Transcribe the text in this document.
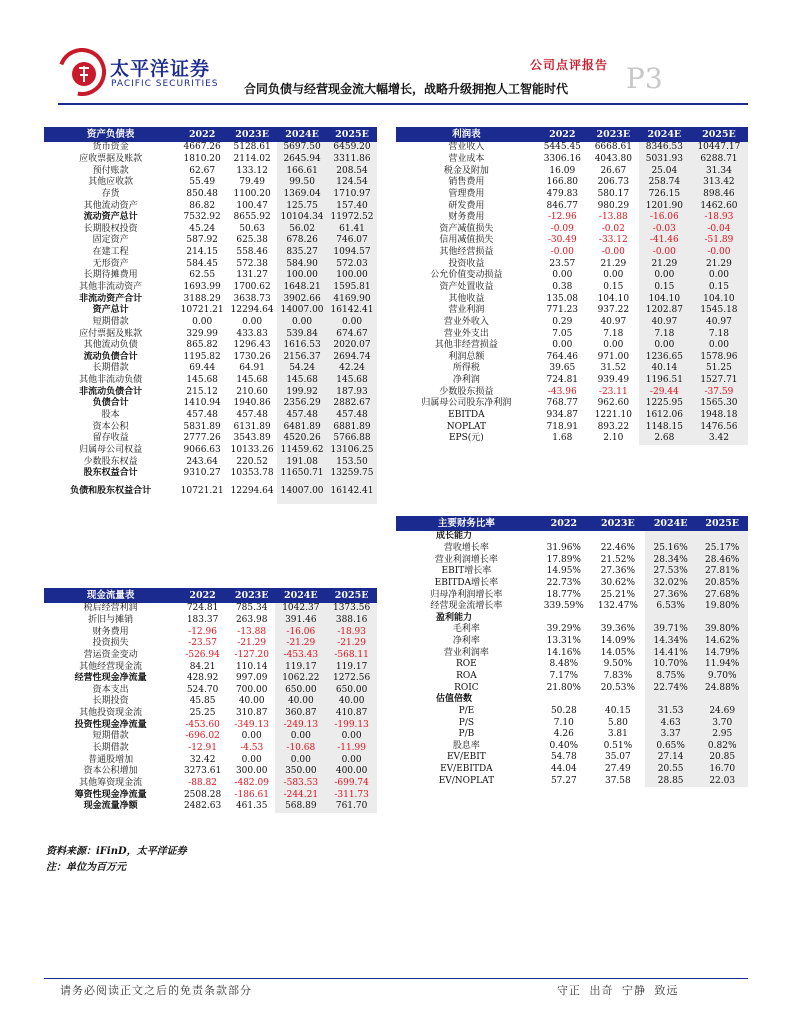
太平洋证券
PACIFIC SECURITIES
公司点评报告 P3
合同负债与经营现金流大幅增长，战略升级拥抱人工智能时代
资产负债表	2022	2023E	2024E	2025E
货币资金	4667.26	5128.61	5697.50	6459.20
应收票据及账款	1810.20	2114.02	2645.94	3311.86
预付账款	62.67	133.12	166.61	208.54
其他应收款	55.49	79.49	99.50	124.54
存货	850.48	1100.20	1369.04	1710.97
其他流动资产	86.82	100.47	125.75	157.40
流动资产总计	7532.92	8655.92	10104.34	11972.52
长期股权投资	45.24	50.63	56.02	61.41
固定资产	587.92	625.38	678.26	746.07
在建工程	214.15	558.46	835.27	1094.57
无形资产	584.45	572.38	584.90	572.03
长期待摊费用	62.55	131.27	100.00	100.00
其他非流动资产	1693.99	1700.62	1648.21	1595.81
非流动资产合计	3188.29	3638.73	3902.66	4169.90
资产总计	10721.21	12294.64	14007.00	16142.41
短期借款	0.00	0.00	0.00	0.00
应付票据及账款	329.99	433.83	539.84	674.67
其他流动负债	865.82	1296.43	1616.53	2020.07
流动负债合计	1195.82	1730.26	2156.37	2694.74
长期借款	69.44	64.91	54.24	42.24
其他非流动负债	145.68	145.68	145.68	145.68
非流动负债合计	215.12	210.60	199.92	187.93
负债合计	1410.94	1940.86	2356.29	2882.67
股本	457.48	457.48	457.48	457.48
资本公积	5831.89	6131.89	6481.89	6881.89
留存收益	2777.26	3543.89	4520.26	5766.88
归属母公司权益	9066.63	10133.26	11459.62	13106.25
少数股东权益	243.64	220.52	191.08	153.50
股东权益合计	9310.27	10353.78	11650.71	13259.75
负债和股东权益合计	10721.21	12294.64	14007.00	16142.41
利润表	2022	2023E	2024E	2025E
营业收入	5445.45	6668.61	8346.53	10447.17
营业成本	3306.16	4043.80	5031.93	6288.71
税金及附加	16.09	26.67	25.04	31.34
销售费用	166.80	206.73	258.74	313.42
管理费用	479.83	580.17	726.15	898.46
研发费用	846.77	980.29	1201.90	1462.60
财务费用	-12.96	-13.88	-16.06	-18.93
资产减值损失	-0.09	-0.02	-0.03	-0.04
信用减值损失	-30.49	-33.12	-41.46	-51.89
其他经营损益	-0.00	-0.00	-0.00	-0.00
投资收益	23.57	21.29	21.29	21.29
公允价值变动损益	0.00	0.00	0.00	0.00
资产处置收益	0.38	0.15	0.15	0.15
其他收益	135.08	104.10	104.10	104.10
营业利润	771.23	937.22	1202.87	1545.18
营业外收入	0.29	40.97	40.97	40.97
营业外支出	7.05	7.18	7.18	7.18
其他非经营损益	0.00	0.00	0.00	0.00
利润总额	764.46	971.00	1236.65	1578.96
所得税	39.65	31.52	40.14	51.25
净利润	724.81	939.49	1196.51	1527.71
少数股东损益	-43.96	-23.11	-29.44	-37.59
归属母公司股东净利润	768.77	962.60	1225.95	1565.30
EBITDA	934.87	1221.10	1612.06	1948.18
NOPLAT	718.91	893.22	1148.15	1476.56
EPS(元)	1.68	2.10	2.68	3.42
主要财务比率	2022	2023E	2024E	2025E
成长能力				
营收增长率	31.96%	22.46%	25.16%	25.17%
营业利润增长率	17.89%	21.52%	28.34%	28.46%
EBIT增长率	14.95%	27.36%	27.53%	27.81%
EBITDA增长率	22.73%	30.62%	32.02%	20.85%
归母净利润增长率	18.77%	25.21%	27.36%	27.68%
经营现金流增长率	339.59%	132.47%	6.53%	19.80%
盈利能力				
毛利率	39.29%	39.36%	39.71%	39.80%
净利率	13.31%	14.09%	14.34%	14.62%
营业利润率	14.16%	14.05%	14.41%	14.79%
ROE	8.48%	9.50%	10.70%	11.94%
ROA	7.17%	7.83%	8.75%	9.70%
ROIC	21.80%	20.53%	22.74%	24.88%
估值倍数				
P/E	50.28	40.15	31.53	24.69
P/S	7.10	5.80	4.63	3.70
P/B	4.26	3.81	3.37	2.95
股息率	0.40%	0.51%	0.65%	0.82%
EV/EBIT	54.78	35.07	27.14	20.85
EV/EBITDA	44.04	27.49	20.55	16.70
EV/NOPLAT	57.27	37.58	28.85	22.03
现金流量表	2022	2023E	2024E	2025E
税后经营利润	724.81	785.34	1042.37	1373.56
折旧与摊销	183.37	263.98	391.46	388.16
财务费用	-12.96	-13.88	-16.06	-18.93
投资损失	-23.57	-21.29	-21.29	-21.29
营运资金变动	-526.94	-127.20	-453.43	-568.11
其他经营现金流	84.21	110.14	119.17	119.17
经营性现金净流量	428.92	997.09	1062.22	1272.56
资本支出	524.70	700.00	650.00	650.00
长期投资	45.85	40.00	40.00	40.00
其他投资现金流	25.25	310.87	360.87	410.87
投资性现金净流量	-453.60	-349.13	-249.13	-199.13
短期借款	-696.02	0.00	0.00	0.00
长期借款	-12.91	-4.53	-10.68	-11.99
普通股增加	32.42	0.00	0.00	0.00
资本公积增加	3273.61	300.00	350.00	400.00
其他筹资现金流	-88.82	-482.09	-583.53	-699.74
筹资性现金净流量	2508.28	-186.61	-244.21	-311.73
现金流量净额	2482.63	461.35	568.89	761.70
资料来源：iFinD，太平洋证券
注：单位为百万元
请务必阅读正文之后的免责条款部分	守正 出奇 宁静 致远
